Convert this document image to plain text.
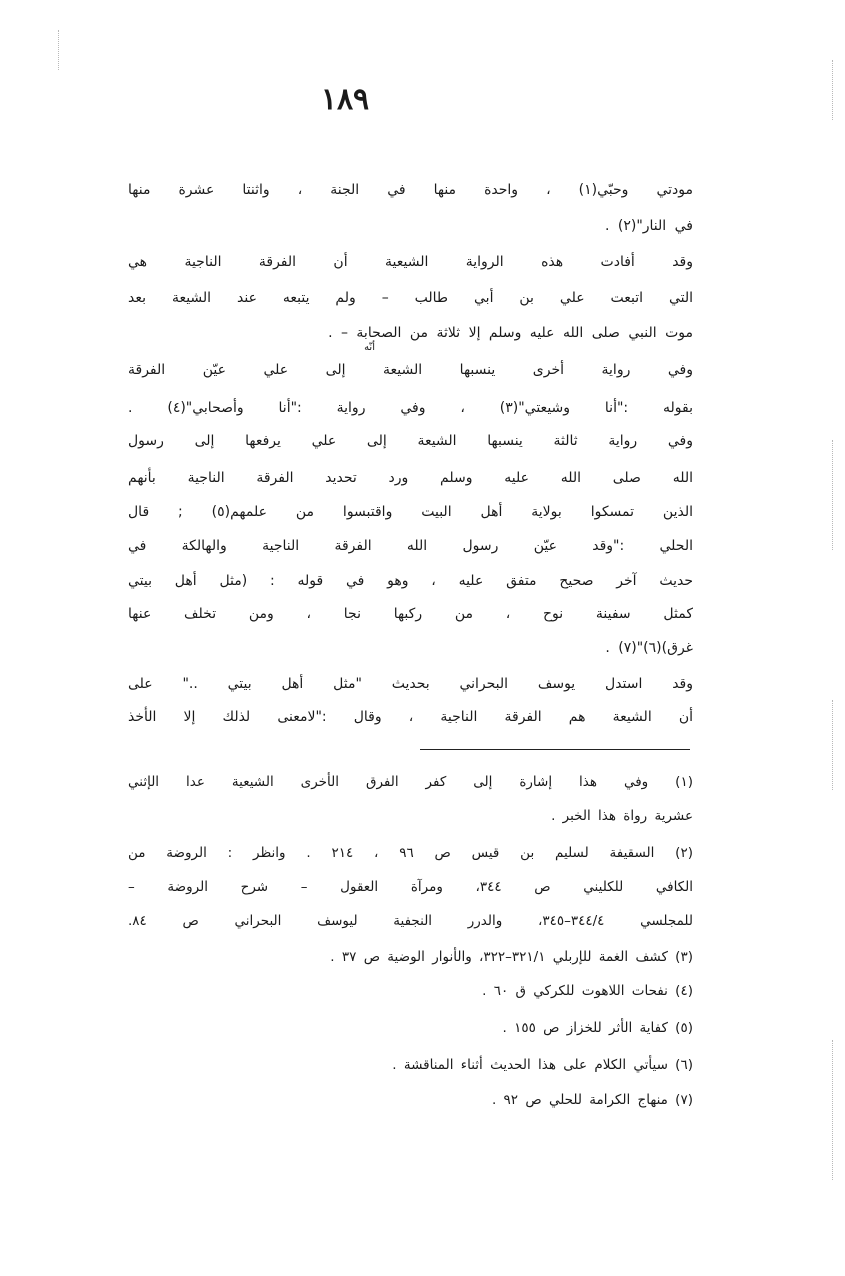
١٨٩
مودتي وحبّي(١) ، واحدة منها في الجنة ، واثنتا عشرة منها
في النار"(٢) .
وقد أفادت هذه الرواية الشيعية أن الفرقة الناجية هي
التي اتبعت علي بن أبي طالب – ولم يتبعه عند الشيعة بعد
موت النبي صلى الله عليه وسلم إلا ثلاثة من الصحابة – .
أنّه
وفي رواية أخرى ينسبها الشيعة إلى علي عيّن الفرقة
بقوله :"أنا وشيعتي"(٣) ، وفي رواية :"أنا وأصحابي"(٤) .
وفي رواية ثالثة ينسبها الشيعة إلى علي يرفعها إلى رسول
الله صلى الله عليه وسلم ورد تحديد الفرقة الناجية بأنهم
الذين تمسكوا بولاية أهل البيت واقتبسوا من علمهم(٥) ; قال
الحلي :"وقد عيّن رسول الله الفرقة الناجية والهالكة في
حديث آخر صحيح متفق عليه ، وهو في قوله : (مثل أهل بيتي
كمثل سفينة نوح ، من ركبها نجا ، ومن تخلف عنها
غرق)(٦)"(٧) .
وقد استدل يوسف البحراني بحديث "مثل أهل بيتي .." على
أن الشيعة هم الفرقة الناجية ، وقال :"لامعنى لذلك إلا الأخذ
(١) وفي هذا إشارة إلى كفر الفرق الأخرى الشيعية عدا الإثني
عشرية رواة هذا الخبر .
(٢) السقيفة لسليم بن قيس ص ٩٦ ، ٢١٤ . وانظر : الروضة من
الكافي للكليني ص ٣٤٤، ومرآة العقول – شرح الروضة –
للمجلسي ٣٤٤/٤–٣٤٥، والدرر النجفية ليوسف البحراني ص ٨٤.
(٣) كشف الغمة للإربلي ٣٢١/١–٣٢٢، والأنوار الوضية ص ٣٧ .
(٤) نفحات اللاهوت للكركي ق ٦٠ .
(٥) كفاية الأثر للخزاز ص ١٥٥ .
(٦) سيأتي الكلام على هذا الحديث أثناء المناقشة .
(٧) منهاج الكرامة للحلي ص ٩٢ .
